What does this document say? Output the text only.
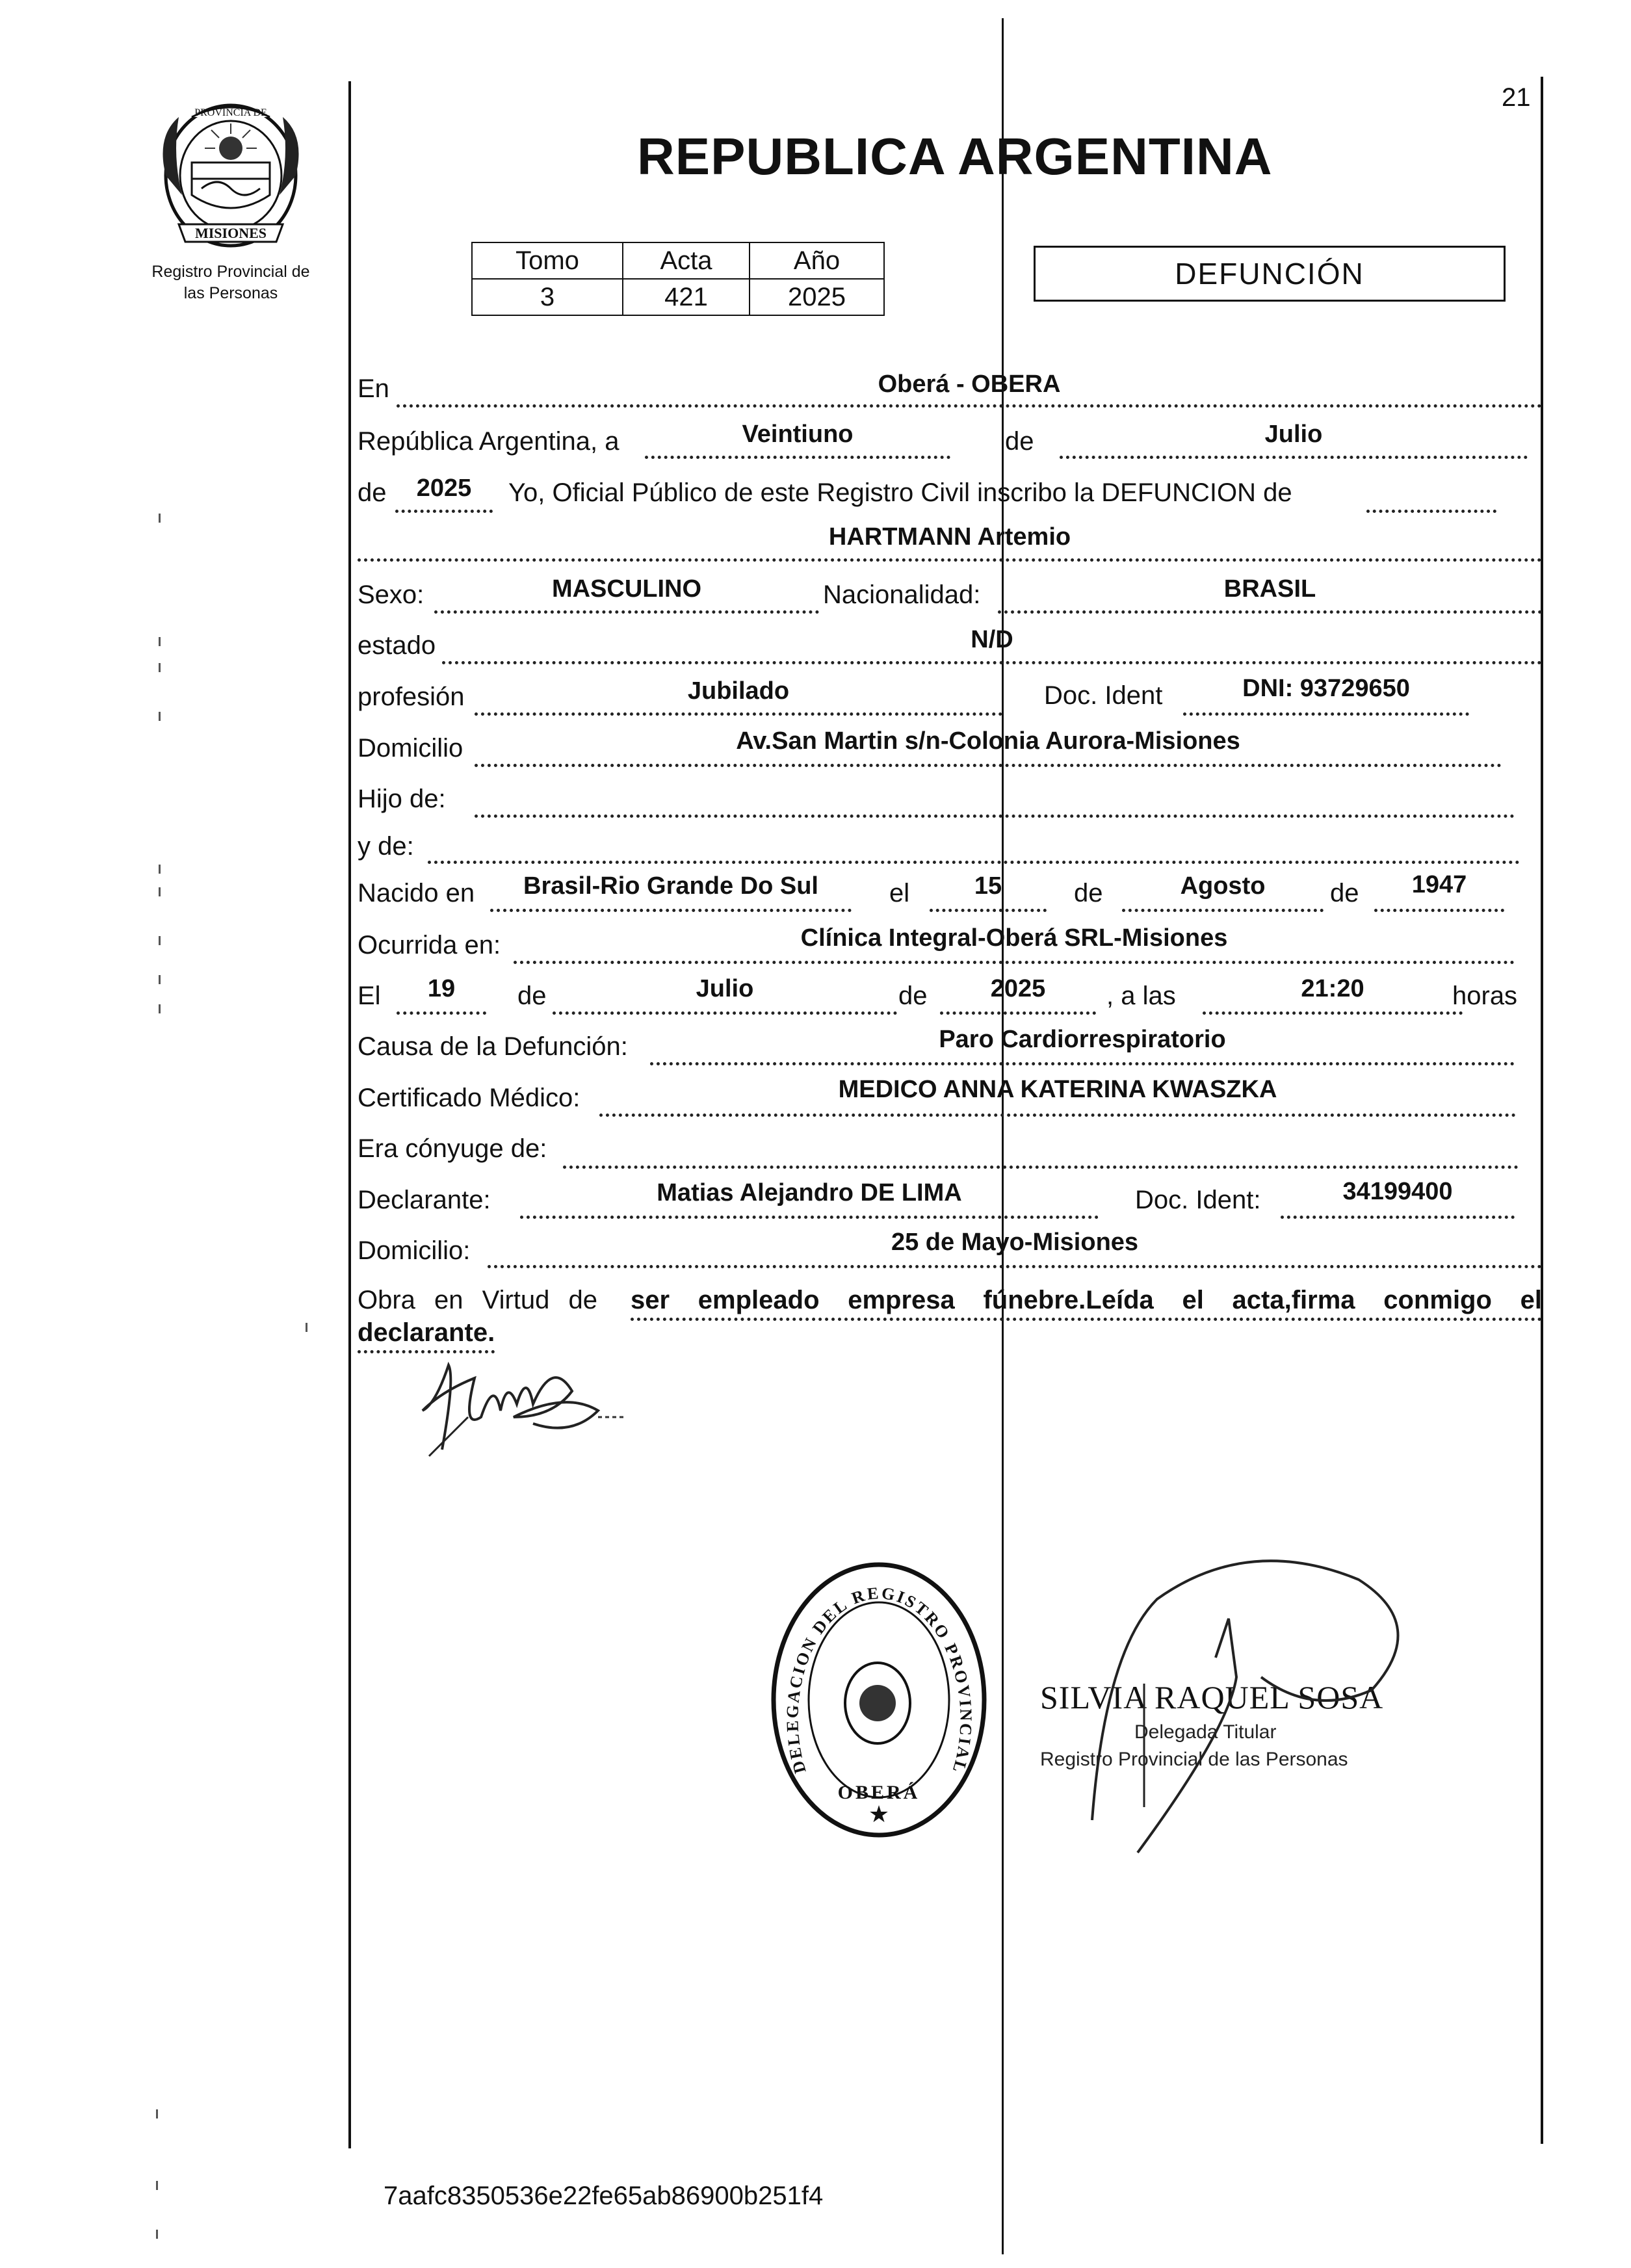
21
MISIONES
PROVINCIA DE
Registro Provincial de
las Personas
REPUBLICA ARGENTINA
Tomo	Acta	Año
3	421	2025
DEFUNCIÓN
En	Oberá - OBERA
República Argentina, a	Veintiuno	de	Julio
de	2025	Yo, Oficial Público de este Registro Civil inscribo la DEFUNCION de
HARTMANN Artemio
Sexo:	MASCULINO	Nacionalidad:	BRASIL
estado	N/D
profesión	Jubilado	Doc. Ident	DNI: 93729650
Domicilio	Av.San Martin s/n-Colonia Aurora-Misiones
Hijo de:
y de:
Nacido en	Brasil-Rio Grande Do Sul	el	15	de	Agosto	de	1947
Ocurrida en:	Clínica Integral-Oberá SRL-Misiones
El	19	de	Julio	de	2025	, a las	21:20	horas
Causa de la Defunción:	Paro Cardiorrespiratorio
Certificado Médico:	MEDICO ANNA KATERINA KWASZKA
Era cónyuge de:
Declarante:	Matias Alejandro DE LIMA	Doc. Ident:	34199400
Domicilio:	25 de Mayo-Misiones
Obra en Virtud de ser empleado empresa fúnebre.Leída el acta,firma conmigo el
declarante.
DELEGACION DEL REGISTRO PROVINCIAL
OBERÁ
★
SILVIA RAQUEL SOSA
Delegada Titular
Registro Provincial de las Personas
7aafc8350536e22fe65ab86900b251f4
